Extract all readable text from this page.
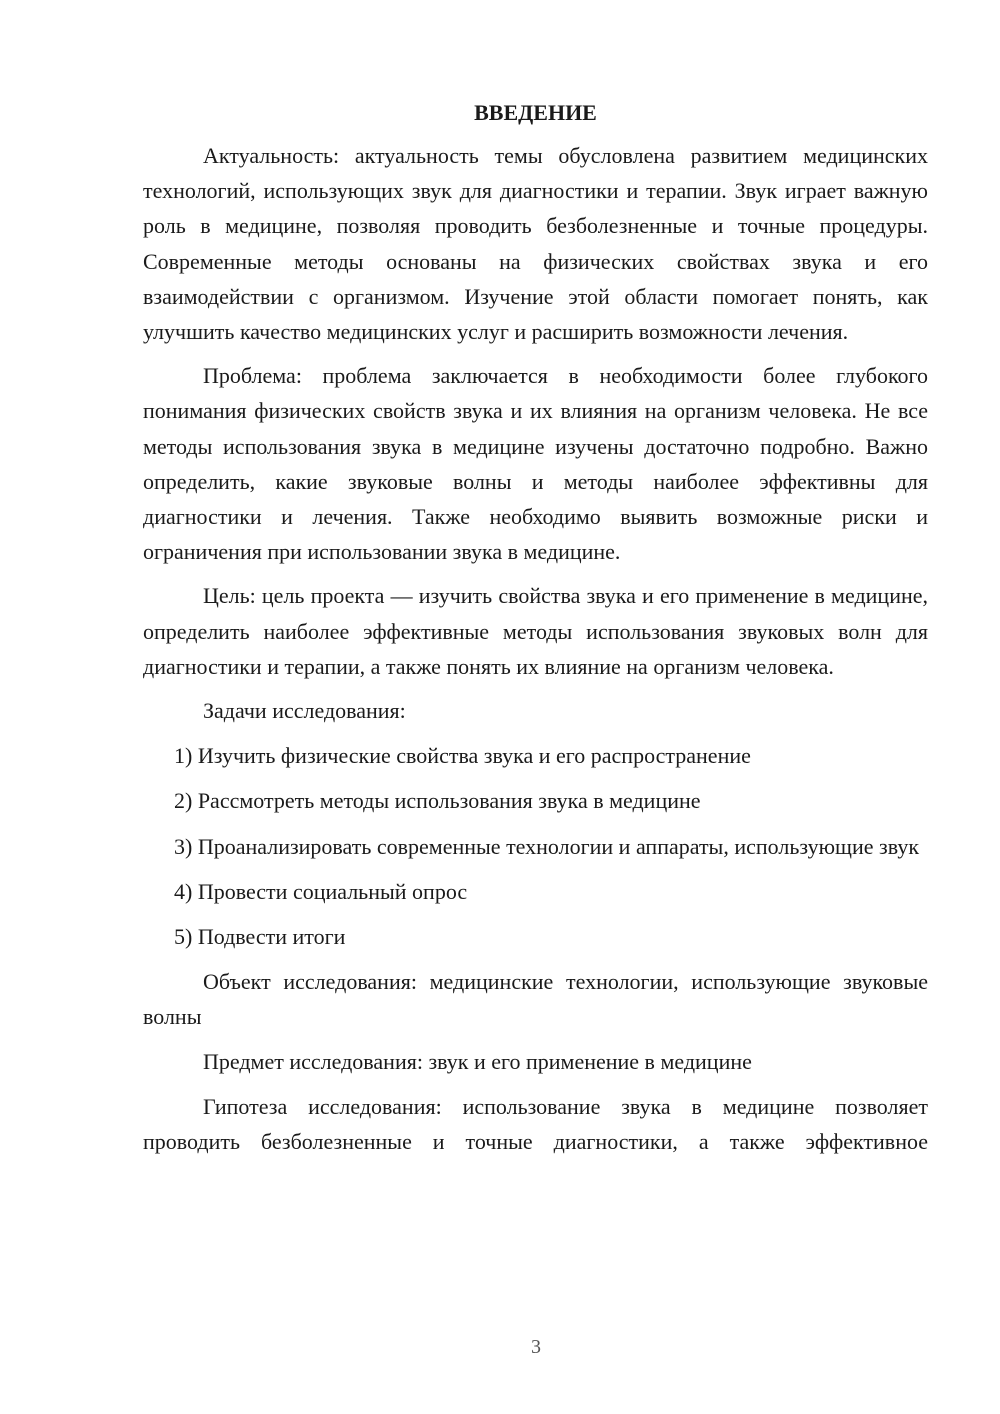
ВВЕДЕНИЕ

Актуальность: актуальность темы обусловлена развитием медицинских технологий, использующих звук для диагностики и терапии. Звук играет важную роль в медицине, позволяя проводить безболезненные и точные процедуры. Современные методы основаны на физических свойствах звука и его взаимодействии с организмом. Изучение этой области помогает понять, как улучшить качество медицинских услуг и расширить возможности лечения.

Проблема: проблема заключается в необходимости более глубокого понимания физических свойств звука и их влияния на организм человека. Не все методы использования звука в медицине изучены достаточно подробно. Важно определить, какие звуковые волны и методы наиболее эффективны для диагностики и лечения. Также необходимо выявить возможные риски и ограничения при использовании звука в медицине.

Цель: цель проекта — изучить свойства звука и его применение в медицине, определить наиболее эффективные методы использования звуковых волн для диагностики и терапии, а также понять их влияние на организм человека.

Задачи исследования:

1) Изучить физические свойства звука и его распространение

2) Рассмотреть методы использования звука в медицине

3) Проанализировать современные технологии и аппараты, использующие звук

4) Провести социальный опрос

5) Подвести итоги

Объект исследования: медицинские технологии, использующие звуковые волны

Предмет исследования: звук и его применение в медицине

Гипотеза исследования: использование звука в медицине позволяет проводить безболезненные и точные диагностики, а также эффективное

3
